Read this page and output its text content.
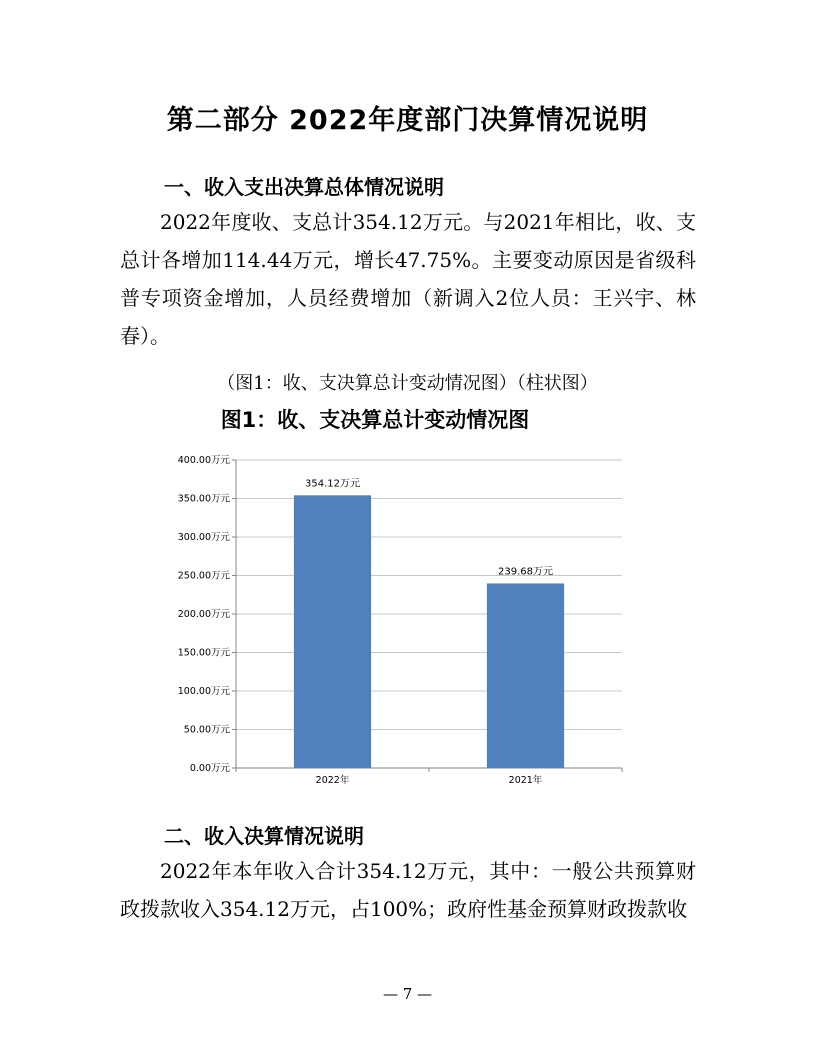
第二部分 2022年度部门决算情况说明
一、收入支出决算总体情况说明

2022年度收、支总计354.12万元。与2021年相比，收、支总计各增加114.44万元，增长47.75%。主要变动原因是省级科普专项资金增加，人员经费增加（新调入2位人员：王兴宇、林春）。

（图1：收、支决算总计变动情况图）（柱状图）
图1：收、支决算总计变动情况图
0.00万元
50.00万元
100.00万元
150.00万元
200.00万元
250.00万元
300.00万元
350.00万元
400.00万元
354.12万元
2022年
239.68万元
2021年
二、收入决算情况说明

2022年本年收入合计354.12万元，其中：一般公共预算财政拨款收入354.12万元，占100%；政府性基金预算财政拨款收

— 7 —
